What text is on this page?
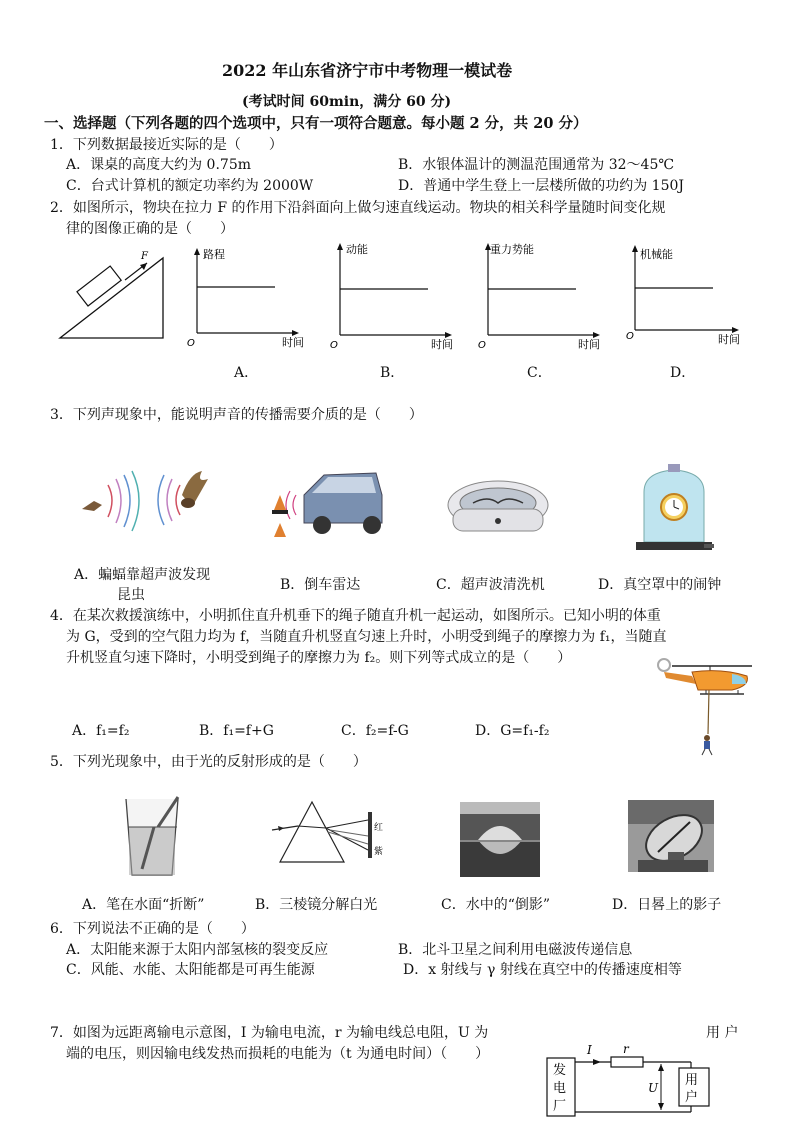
2022 年山东省济宁市中考物理一模试卷
(考试时间 60min，满分 60 分)
一、选择题（下列各题的四个选项中，只有一项符合题意。每小题 2 分，共 20 分）
1．下列数据最接近实际的是（　　）
A．课桌的高度大约为 0.75m	B．水银体温计的测温范围通常为 32～45℃
C．台式计算机的额定功率约为 2000W	D．普通中学生登上一层楼所做的功约为 150J
2．如图所示，物块在拉力 F 的作用下沿斜面向上做匀速直线运动。物块的相关科学量随时间变化规
律的图像正确的是（　　）
F	路程
时间
O
A．
动能
时间
O
B．
重力势能
时间
O
C．
机械能
时间
O
D．
3．下列声现象中，能说明声音的传播需要介质的是（　　）
A．蝙蝠靠超声波发现
昆虫
B．倒车雷达	C．超声波清洗机	D．真空罩中的闹钟
4．在某次救援演练中，小明抓住直升机垂下的绳子随直升机一起运动，如图所示。已知小明的体重
为 G，受到的空气阻力均为 f，当随直升机竖直匀速上升时，小明受到绳子的摩擦力为 f₁，当随直
升机竖直匀速下降时，小明受到绳子的摩擦力为 f₂。则下列等式成立的是（　　）
A．f₁=f₂	B．f₁=f+G	C．f₂=f-G	D．G=f₁-f₂
5．下列光现象中，由于光的反射形成的是（　　）
A．笔在水面“折断”
红
紫
B．三棱镜分解白光	C．水中的“倒影”	D．日晷上的影子
6．下列说法不正确的是（　　）
A．太阳能来源于太阳内部氢核的裂变反应	B．北斗卫星之间利用电磁波传递信息
C．风能、水能、太阳能都是可再生能源	D．x 射线与 γ 射线在真空中的传播速度相等
7．如图为远距离输电示意图，I 为输电电流，r 为输电线总电阻，U 为	用 户
端的电压，则因输电线发热而损耗的电能为（t 为通电时间）（　　）
发
电
厂
I	r
用
户
U
